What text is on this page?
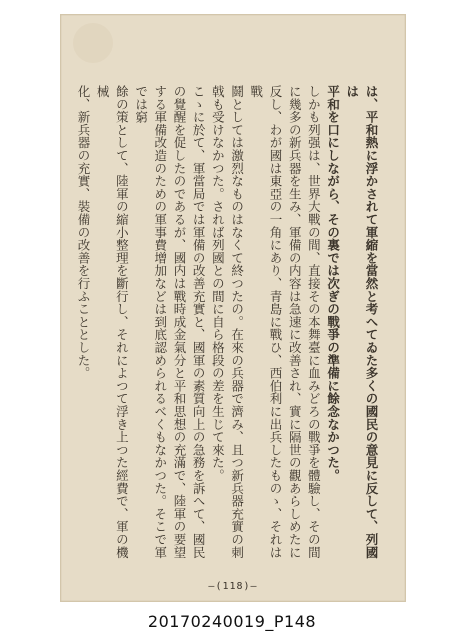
は、平和熱に浮かされて軍縮を當然と考へてゐた多くの國民の意見に反して、列國は

平和を口にしながら、その裏では次ぎの戰爭の準備に餘念なかつた。

しかも列强は、世界大戰の間、直接その本舞臺に血みどろの戰爭を體驗し、その間

に幾多の新兵器を生み、軍備の内容は急速に改善され、實に隔世の觀あらしめたに

反し、わが國は東亞の一角にあり、青島に戰ひ、西伯利に出兵したものゝ、それは戰

鬪としては激烈なものはなくて終つたの。在來の兵器で濟み、且つ新兵器充實の刺

戟も受けなかつた。されば列國との間に自ら格段の差を生じて來た。

こゝに於て、軍當局では軍備の改善充實と、國軍の素質向上の急務を訴へて、國民

の覺醒を促したのであるが、國内は戰時成金氣分と平和思想の充滿で、陸軍の要望

する軍備改造のための軍事費增加などは到底認められるべくもなかつた。そこで軍では窮

餘の策として、陸軍の縮小整理を斷行し、それによつて浮き上つた經費で、軍の機械

化、新兵器の充實、裝備の改善を行ふこととした。

—(118)—
20170240019_P148
